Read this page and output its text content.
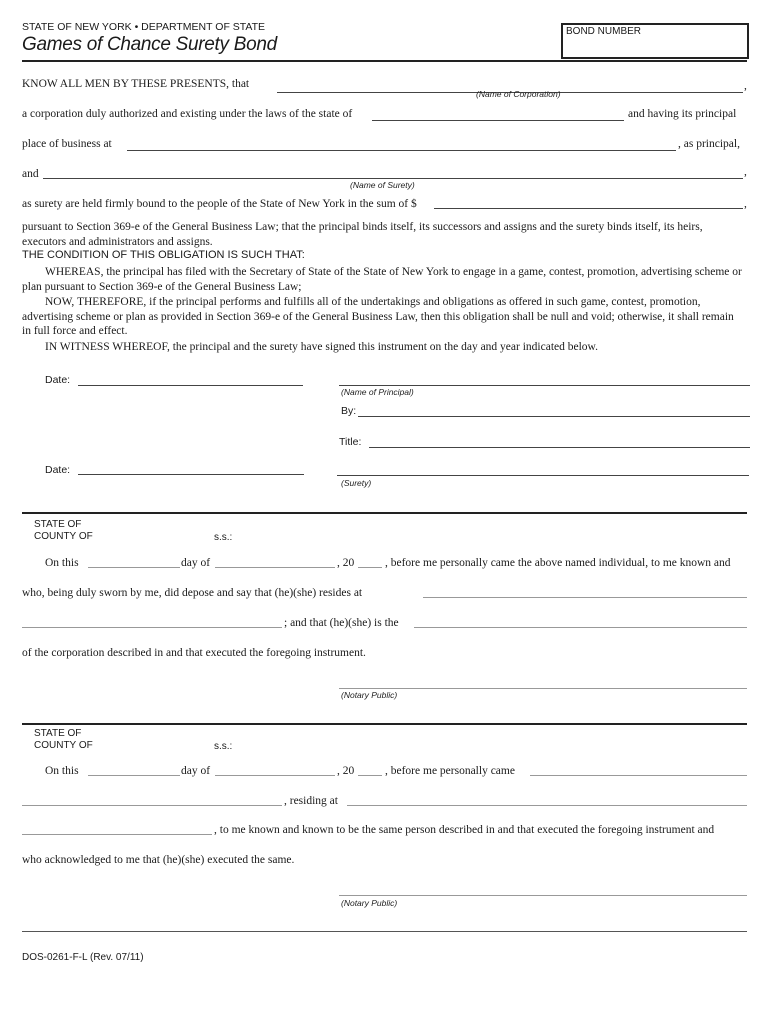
STATE OF NEW YORK • DEPARTMENT OF STATE
Games of Chance Surety Bond
BOND NUMBER
KNOW ALL MEN BY THESE PRESENTS, that	,
(Name of Corporation)
a corporation duly authorized and existing under the laws of the state of	and having its principal
place of business at	, as principal,
and	,
(Name of Surety)
as surety are held firmly bound to the people of the State of New York in the sum of $	,
pursuant to Section 369-e of the General Business Law; that the principal binds itself, its successors and assigns and the surety binds itself, its heirs, executors and administrators and assigns.
THE CONDITION OF THIS OBLIGATION IS SUCH THAT:
WHEREAS, the principal has filed with the Secretary of State of the State of New York to engage in a game, contest, promotion, advertising scheme or plan pursuant to Section 369-e of the General Business Law;
NOW, THEREFORE, if the principal performs and fulfills all of the undertakings and obligations as offered in such game, contest, promotion, advertising scheme or plan as provided in Section 369-e of the General Business Law, then this obligation shall be null and void; otherwise, it shall remain in full force and effect.
IN WITNESS WHEREOF, the principal and the surety have signed this instrument on the day and year indicated below.
Date:
(Name of Principal)
By:
Title:
Date:
(Surety)
STATE OF
COUNTY OF	s.s.:
On this	day of	, 20	, before me personally came the above named individual, to me known and
who, being duly sworn by me, did depose and say that (he)(she) resides at
; and that (he)(she) is the
of the corporation described in and that executed the foregoing instrument.
(Notary Public)
STATE OF
COUNTY OF	s.s.:
On this	day of	, 20	, before me personally came
, residing at
, to me known and known to be the same person described in and that executed the foregoing instrument and
who acknowledged to me that (he)(she) executed the same.
(Notary Public)
DOS-0261-F-L (Rev. 07/11)
